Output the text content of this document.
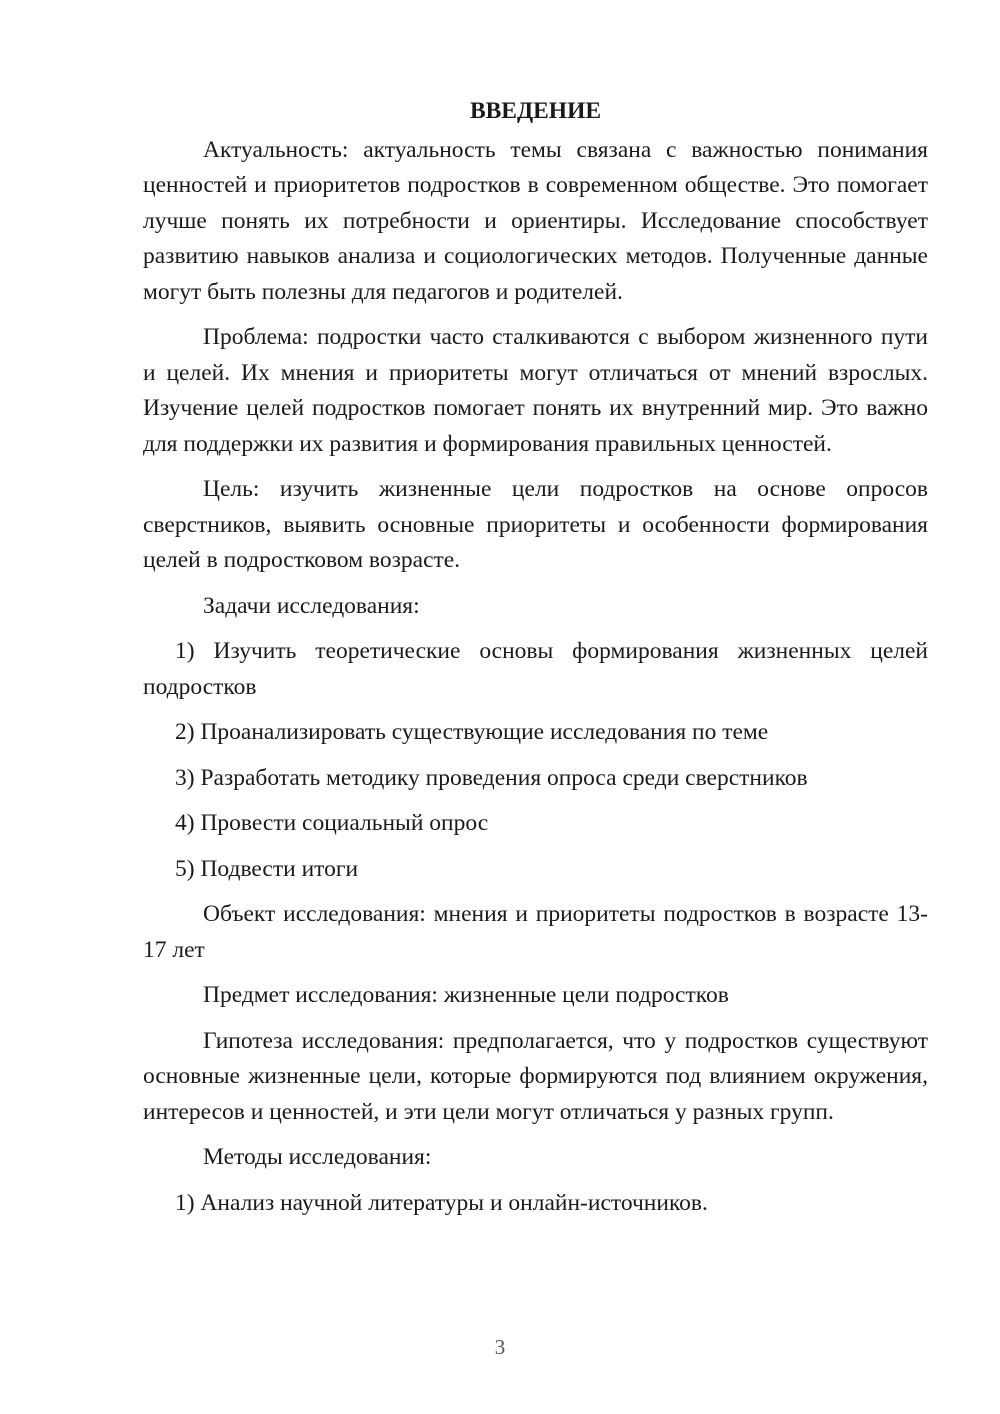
ВВЕДЕНИЕ

Актуальность: актуальность темы связана с важностью понимания ценностей и приоритетов подростков в современном обществе. Это помогает лучше понять их потребности и ориентиры. Исследование способствует развитию навыков анализа и социологических методов. Полученные данные могут быть полезны для педагогов и родителей.

Проблема: подростки часто сталкиваются с выбором жизненного пути и целей. Их мнения и приоритеты могут отличаться от мнений взрослых. Изучение целей подростков помогает понять их внутренний мир. Это важно для поддержки их развития и формирования правильных ценностей.

Цель: изучить жизненные цели подростков на основе опросов сверстников, выявить основные приоритеты и особенности формирования целей в подростковом возрасте.

Задачи исследования:

1) Изучить теоретические основы формирования жизненных целей подростков

2) Проанализировать существующие исследования по теме

3) Разработать методику проведения опроса среди сверстников

4) Провести социальный опрос

5) Подвести итоги

Объект исследования: мнения и приоритеты подростков в возрасте 13-17 лет

Предмет исследования: жизненные цели подростков

Гипотеза исследования: предполагается, что у подростков существуют основные жизненные цели, которые формируются под влиянием окружения, интересов и ценностей, и эти цели могут отличаться у разных групп.

Методы исследования:

1) Анализ научной литературы и онлайн-источников.

3
